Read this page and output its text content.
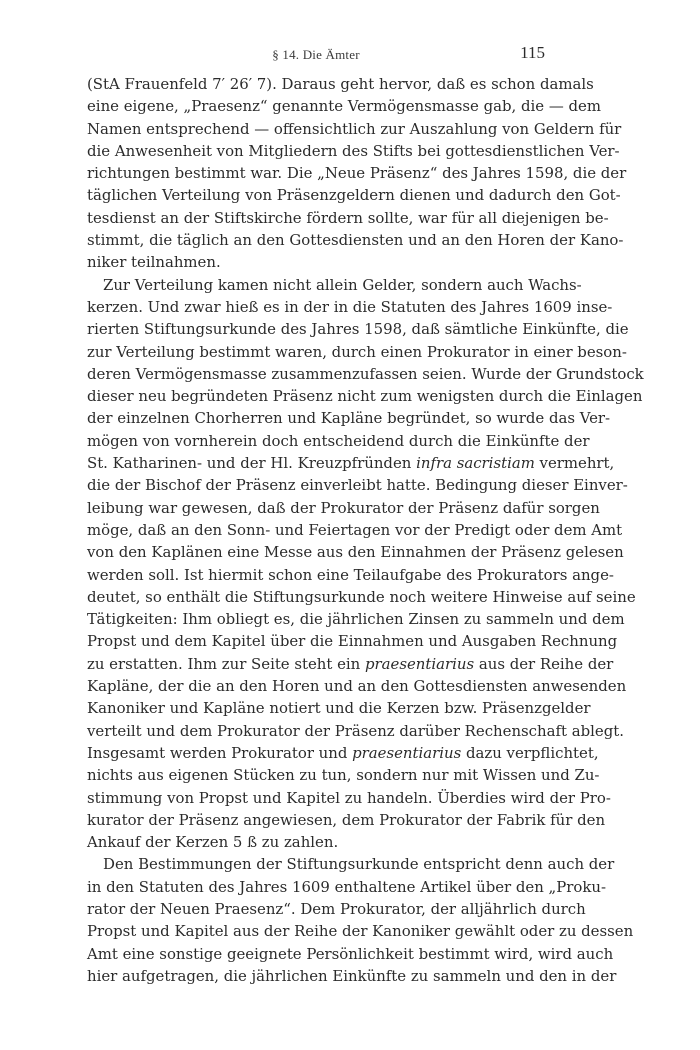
§ 14. Die Ämter	115
(StA Frauenfeld 7′ 26′ 7). Daraus geht hervor, daß es schon damals
eine eigene, „Praesenz“ genannte Vermögensmasse gab, die — dem
Namen entsprechend — offensichtlich zur Auszahlung von Geldern für
die Anwesenheit von Mitgliedern des Stifts bei gottesdienstlichen Ver-
richtungen bestimmt war. Die „Neue Präsenz“ des Jahres 1598, die der
täglichen Verteilung von Präsenzgeldern dienen und dadurch den Got-
tesdienst an der Stiftskirche fördern sollte, war für all diejenigen be-
stimmt, die täglich an den Gottesdiensten und an den Horen der Kano-
niker teilnahmen.
Zur Verteilung kamen nicht allein Gelder, sondern auch Wachs-
kerzen. Und zwar hieß es in der in die Statuten des Jahres 1609 inse-
rierten Stiftungsurkunde des Jahres 1598, daß sämtliche Einkünfte, die
zur Verteilung bestimmt waren, durch einen Prokurator in einer beson-
deren Vermögensmasse zusammenzufassen seien. Wurde der Grundstock
dieser neu begründeten Präsenz nicht zum wenigsten durch die Einlagen
der einzelnen Chorherren und Kapläne begründet, so wurde das Ver-
mögen von vornherein doch entscheidend durch die Einkünfte der
St. Katharinen- und der Hl. Kreuzpfründen infra sacristiam vermehrt,
die der Bischof der Präsenz einverleibt hatte. Bedingung dieser Einver-
leibung war gewesen, daß der Prokurator der Präsenz dafür sorgen
möge, daß an den Sonn- und Feiertagen vor der Predigt oder dem Amt
von den Kaplänen eine Messe aus den Einnahmen der Präsenz gelesen
werden soll. Ist hiermit schon eine Teilaufgabe des Prokurators ange-
deutet, so enthält die Stiftungsurkunde noch weitere Hinweise auf seine
Tätigkeiten: Ihm obliegt es, die jährlichen Zinsen zu sammeln und dem
Propst und dem Kapitel über die Einnahmen und Ausgaben Rechnung
zu erstatten. Ihm zur Seite steht ein praesentiarius aus der Reihe der
Kapläne, der die an den Horen und an den Gottesdiensten anwesenden
Kanoniker und Kapläne notiert und die Kerzen bzw. Präsenzgelder
verteilt und dem Prokurator der Präsenz darüber Rechenschaft ablegt.
Insgesamt werden Prokurator und praesentiarius dazu verpflichtet,
nichts aus eigenen Stücken zu tun, sondern nur mit Wissen und Zu-
stimmung von Propst und Kapitel zu handeln. Überdies wird der Pro-
kurator der Präsenz angewiesen, dem Prokurator der Fabrik für den
Ankauf der Kerzen 5 ß zu zahlen.
Den Bestimmungen der Stiftungsurkunde entspricht denn auch der
in den Statuten des Jahres 1609 enthaltene Artikel über den „Proku-
rator der Neuen Praesenz“. Dem Prokurator, der alljährlich durch
Propst und Kapitel aus der Reihe der Kanoniker gewählt oder zu dessen
Amt eine sonstige geeignete Persönlichkeit bestimmt wird, wird auch
hier aufgetragen, die jährlichen Einkünfte zu sammeln und den in der
